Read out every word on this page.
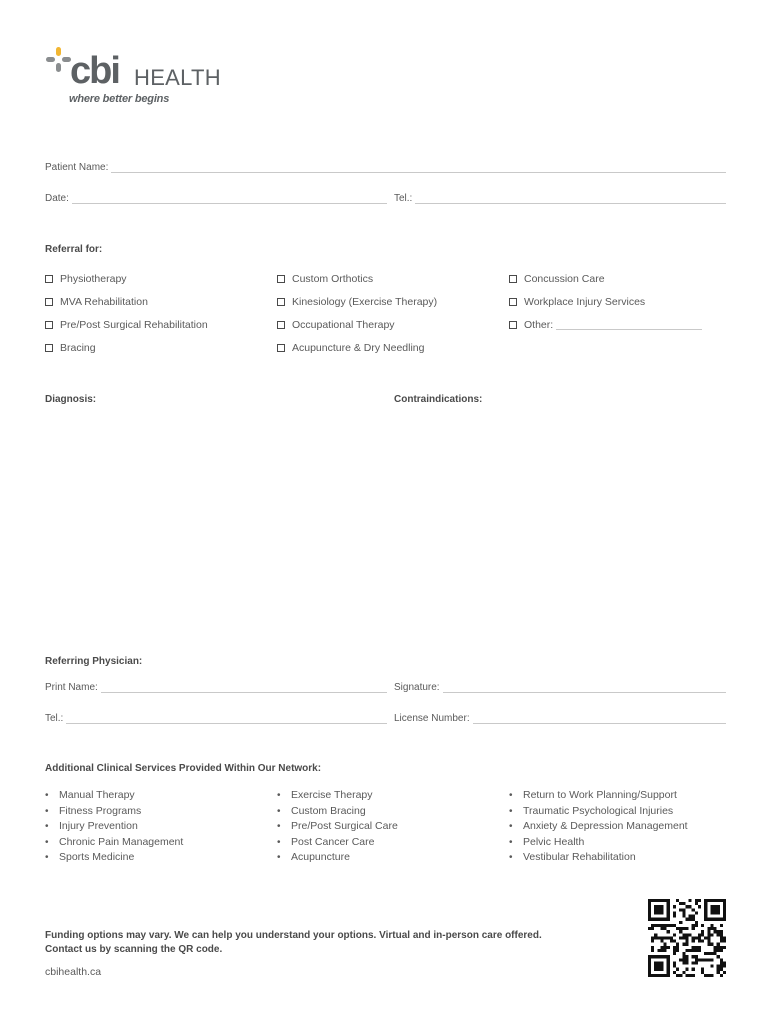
cbi HEALTH
where better begins
Patient Name:
Date:	Tel.:
Referral for:
Physiotherapy
MVA Rehabilitation
Pre/Post Surgical Rehabilitation
Bracing
Custom Orthotics
Kinesiology (Exercise Therapy)
Occupational Therapy
Acupuncture & Dry Needling
Concussion Care
Workplace Injury Services
Other:
Diagnosis:	Contraindications:
Referring Physician:
Print Name:	Signature:
Tel.:	License Number:
Additional Clinical Services Provided Within Our Network:
• Manual Therapy
• Fitness Programs
• Injury Prevention
• Chronic Pain Management
• Sports Medicine
• Exercise Therapy
• Custom Bracing
• Pre/Post Surgical Care
• Post Cancer Care
• Acupuncture
• Return to Work Planning/Support
• Traumatic Psychological Injuries
• Anxiety & Depression Management
• Pelvic Health
• Vestibular Rehabilitation

Funding options may vary. We can help you understand your options. Virtual and in-person care offered.

Contact us by scanning the QR code.

cbihealth.ca
